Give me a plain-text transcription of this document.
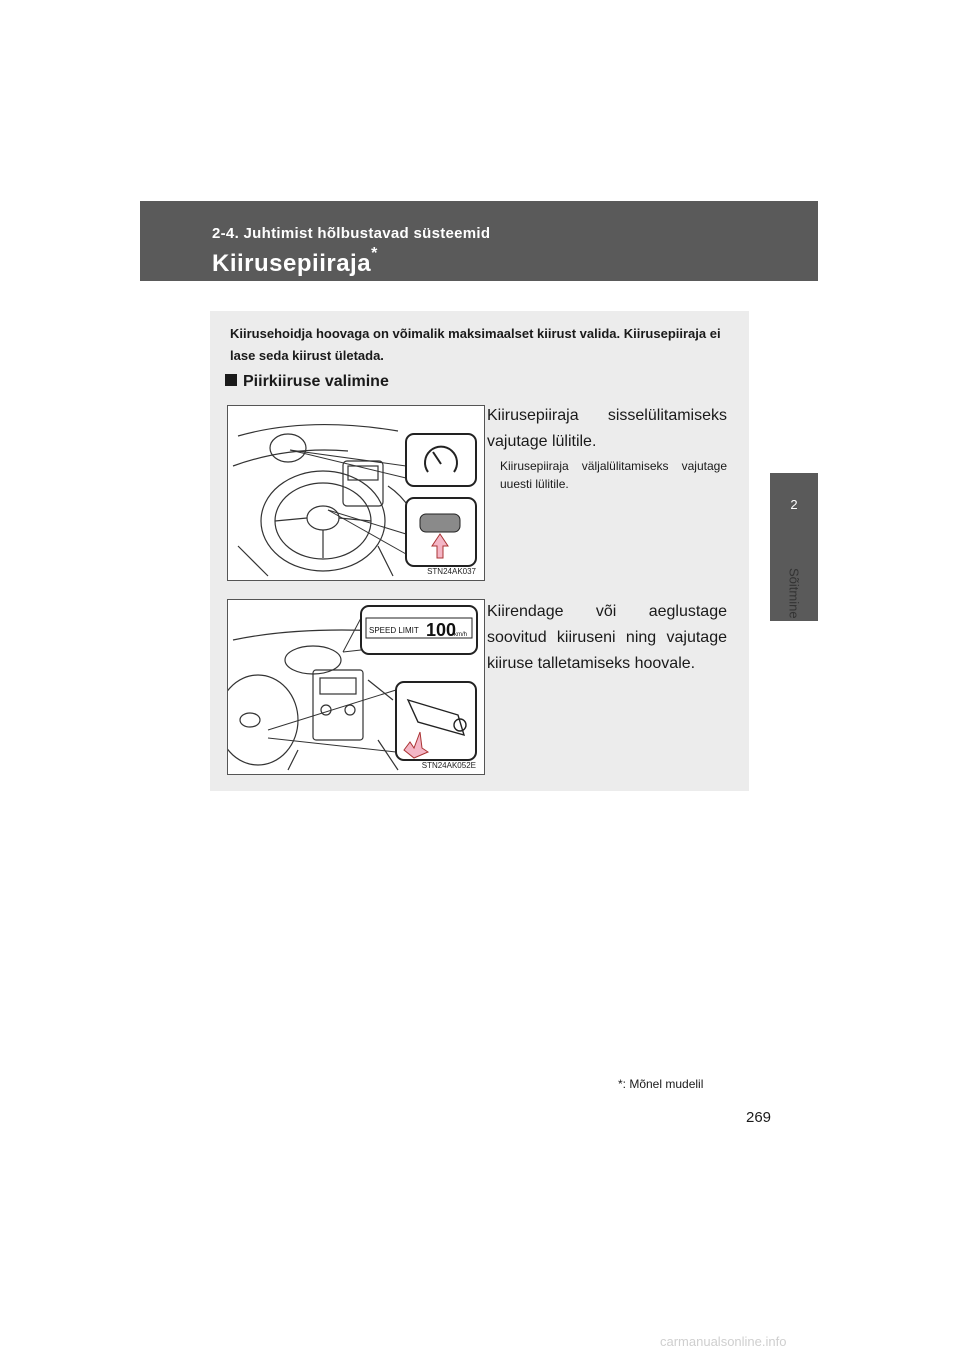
2-4. Juhtimist hõlbustavad süsteemid
Kiirusepiiraja*
2
Sõitmine
Kiirusehoidja hoovaga on võimalik maksimaalset kiirust valida. Kiirusepiiraja ei lase seda kiirust ületada.
Piirkiiruse valimine
STN24AK037
Kiirusepiiraja sisselülitamiseks vajutage lülitile.
Kiirusepiiraja väljalülitamiseks vajutage uuesti lülitile.
SPEED LIMIT 100
km/h
STN24AK052E
Kiirendage või aeglustage soovitud kiiruseni ning vajutage kiiruse talletamiseks hoovale.
*: Mõnel mudelil
269
carmanualsonline.info
